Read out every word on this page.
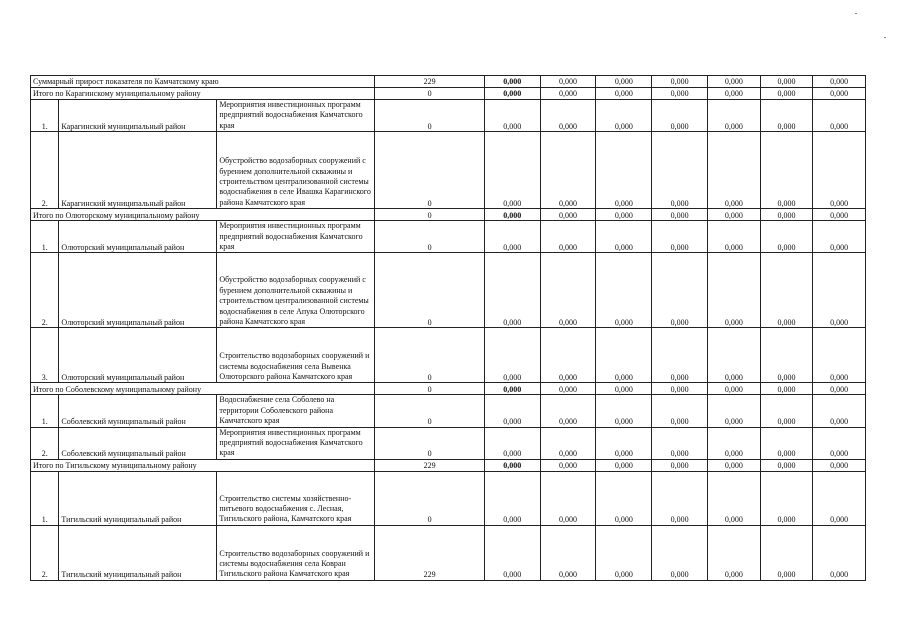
Суммарный прирост показателя по Камчатскому краю			229	0,000	0,000	0,000	0,000	0,000	0,000	0,000
Итого по Карагинскому муниципальному району			0	0,000	0,000	0,000	0,000	0,000	0,000	0,000
1.	Карагинский муниципальный район	Мероприятия инвестиционных программ предприятий водоснабжения Камчатского края	0	0,000	0,000	0,000	0,000	0,000	0,000	0,000
2.	Карагинский муниципальный район	Обустройство водозаборных сооружений с бурением дополнительной скважины и строительством централизованной системы водоснабжения в селе Ивашка Карагинского района Камчатского края	0	0,000	0,000	0,000	0,000	0,000	0,000	0,000
Итого по Олюторскому муниципальному району			0	0,000	0,000	0,000	0,000	0,000	0,000	0,000
1.	Олюторский муниципальный район	Мероприятия инвестиционных программ предприятий водоснабжения Камчатского края	0	0,000	0,000	0,000	0,000	0,000	0,000	0,000
2.	Олюторский муниципальный район	Обустройство водозаборных сооружений с бурением дополнительной скважины и строительством централизованной системы водоснабжения в селе Апука Олюторского района Камчатского края	0	0,000	0,000	0,000	0,000	0,000	0,000	0,000
3.	Олюторский муниципальный район	Строительство водозаборных сооружений и системы водоснабжения села Вывенка Олюторского района Камчатского края	0	0,000	0,000	0,000	0,000	0,000	0,000	0,000
Итого по Соболевскому муниципальному району			0	0,000	0,000	0,000	0,000	0,000	0,000	0,000
1.	Соболевский муниципальный район	Водоснабжение села Соболево на территории Соболевского района Камчатского края	0	0,000	0,000	0,000	0,000	0,000	0,000	0,000
2.	Соболевский муниципальный район	Мероприятия инвестиционных программ предприятий водоснабжения Камчатского края	0	0,000	0,000	0,000	0,000	0,000	0,000	0,000
Итого по Тигильскому муниципальному району			229	0,000	0,000	0,000	0,000	0,000	0,000	0,000
1.	Тигильский муниципальный район	Строительство системы хозяйственно-питьевого водоснабжения с. Лесная, Тигильского района, Камчатского края	0	0,000	0,000	0,000	0,000	0,000	0,000	0,000
2.	Тигильский муниципальный район	Строительство водозаборных сооружений и системы водоснабжения села Ковран Тигильского района Камчатского края	229	0,000	0,000	0,000	0,000	0,000	0,000	0,000
